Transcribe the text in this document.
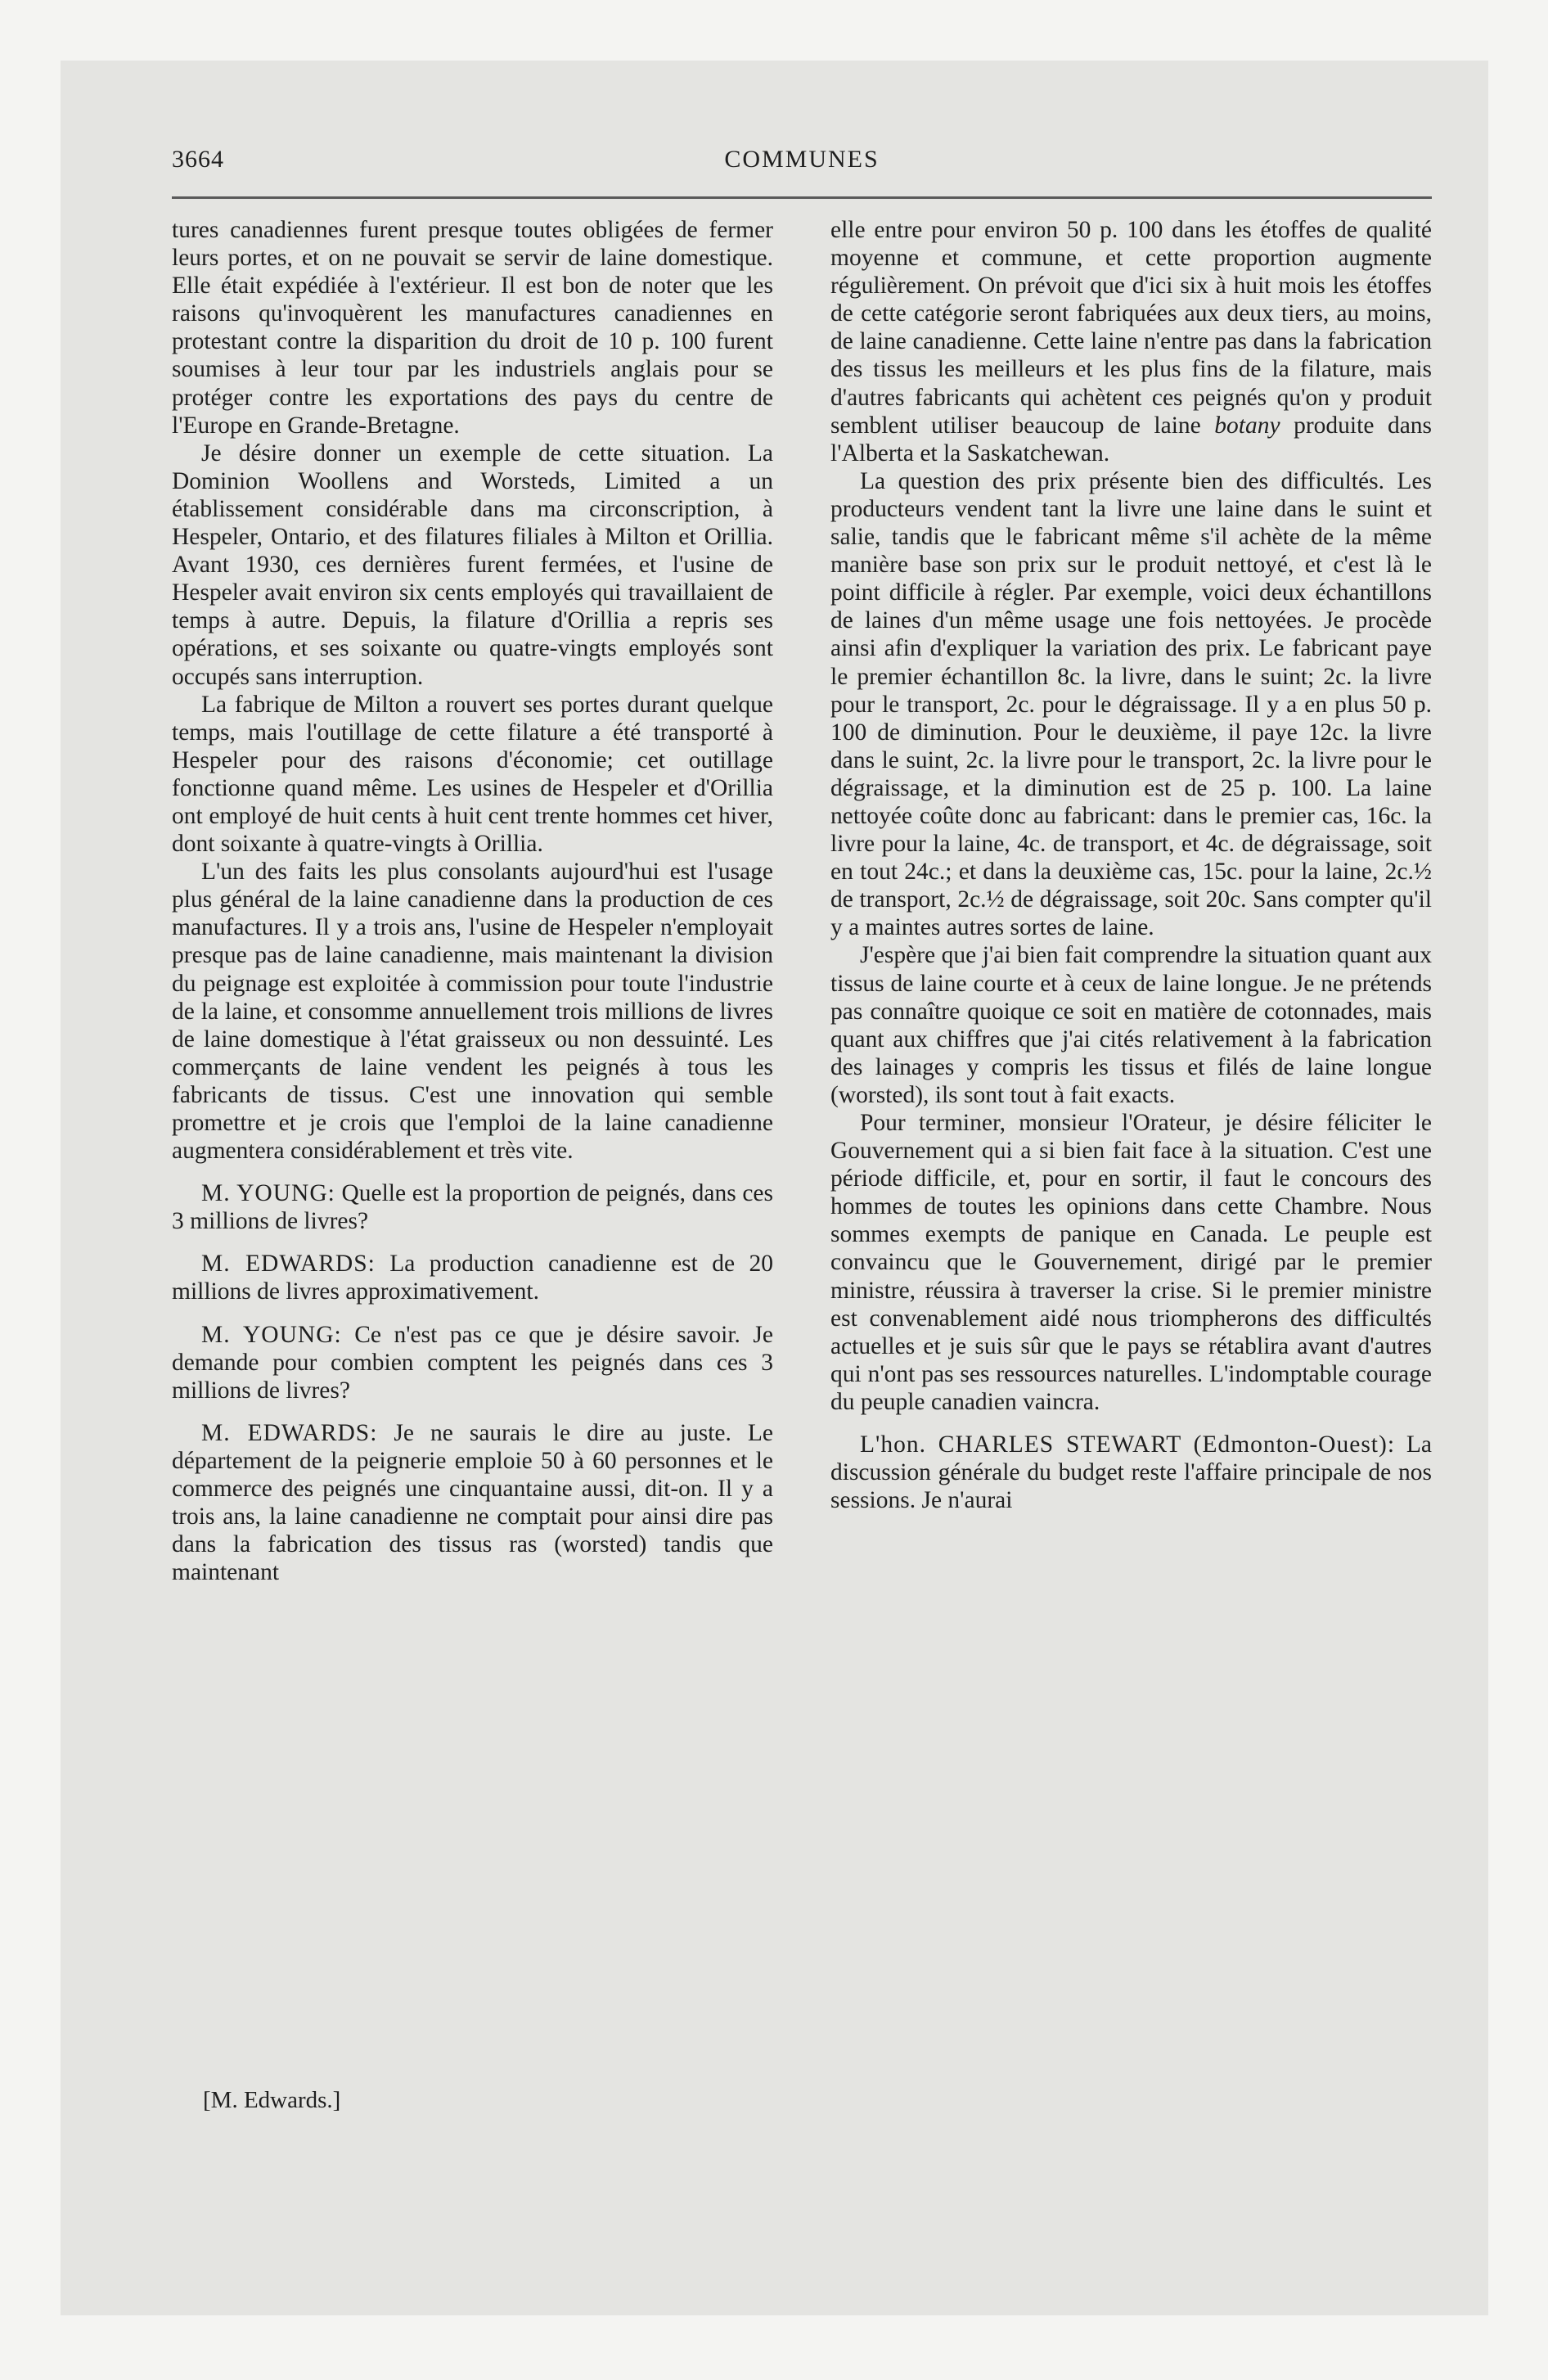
3664	COMMUNES

tures canadiennes furent presque toutes obligées de fermer leurs portes, et on ne pouvait se servir de laine domestique. Elle était expédiée à l'extérieur. Il est bon de noter que les raisons qu'invoquèrent les manufactures canadiennes en protestant contre la disparition du droit de 10 p. 100 furent soumises à leur tour par les industriels anglais pour se protéger contre les exportations des pays du centre de l'Europe en Grande-Bretagne.

Je désire donner un exemple de cette situation. La Dominion Woollens and Worsteds, Limited a un établissement considérable dans ma circonscription, à Hespeler, Ontario, et des filatures filiales à Milton et Orillia. Avant 1930, ces dernières furent fermées, et l'usine de Hespeler avait environ six cents employés qui travaillaient de temps à autre. Depuis, la filature d'Orillia a repris ses opérations, et ses soixante ou quatre-vingts employés sont occupés sans interruption.

La fabrique de Milton a rouvert ses portes durant quelque temps, mais l'outillage de cette filature a été transporté à Hespeler pour des raisons d'économie; cet outillage fonctionne quand même. Les usines de Hespeler et d'Orillia ont employé de huit cents à huit cent trente hommes cet hiver, dont soixante à quatre-vingts à Orillia.

L'un des faits les plus consolants aujourd'hui est l'usage plus général de la laine canadienne dans la production de ces manufactures. Il y a trois ans, l'usine de Hespeler n'employait presque pas de laine canadienne, mais maintenant la division du peignage est exploitée à commission pour toute l'industrie de la laine, et consomme annuellement trois millions de livres de laine domestique à l'état graisseux ou non dessuinté. Les commerçants de laine vendent les peignés à tous les fabricants de tissus. C'est une innovation qui semble promettre et je crois que l'emploi de la laine canadienne augmentera considérablement et très vite.

M. YOUNG: Quelle est la proportion de peignés, dans ces 3 millions de livres?

M. EDWARDS: La production canadienne est de 20 millions de livres approximativement.

M. YOUNG: Ce n'est pas ce que je désire savoir. Je demande pour combien comptent les peignés dans ces 3 millions de livres?

M. EDWARDS: Je ne saurais le dire au juste. Le département de la peignerie emploie 50 à 60 personnes et le commerce des peignés une cinquantaine aussi, dit-on. Il y a trois ans, la laine canadienne ne comptait pour ainsi dire pas dans la fabrication des tissus ras (worsted) tandis que maintenant

[M. Edwards.]

elle entre pour environ 50 p. 100 dans les étoffes de qualité moyenne et commune, et cette proportion augmente régulièrement. On prévoit que d'ici six à huit mois les étoffes de cette catégorie seront fabriquées aux deux tiers, au moins, de laine canadienne. Cette laine n'entre pas dans la fabrication des tissus les meilleurs et les plus fins de la filature, mais d'autres fabricants qui achètent ces peignés qu'on y produit semblent utiliser beaucoup de laine botany produite dans l'Alberta et la Saskatchewan.

La question des prix présente bien des difficultés. Les producteurs vendent tant la livre une laine dans le suint et salie, tandis que le fabricant même s'il achète de la même manière base son prix sur le produit nettoyé, et c'est là le point difficile à régler. Par exemple, voici deux échantillons de laines d'un même usage une fois nettoyées. Je procède ainsi afin d'expliquer la variation des prix. Le fabricant paye le premier échantillon 8c. la livre, dans le suint; 2c. la livre pour le transport, 2c. pour le dégraissage. Il y a en plus 50 p. 100 de diminution. Pour le deuxième, il paye 12c. la livre dans le suint, 2c. la livre pour le transport, 2c. la livre pour le dégraissage, et la diminution est de 25 p. 100. La laine nettoyée coûte donc au fabricant: dans le premier cas, 16c. la livre pour la laine, 4c. de transport, et 4c. de dégraissage, soit en tout 24c.; et dans la deuxième cas, 15c. pour la laine, 2c.½ de transport, 2c.½ de dégraissage, soit 20c. Sans compter qu'il y a maintes autres sortes de laine.

J'espère que j'ai bien fait comprendre la situation quant aux tissus de laine courte et à ceux de laine longue. Je ne prétends pas connaître quoique ce soit en matière de cotonnades, mais quant aux chiffres que j'ai cités relativement à la fabrication des lainages y compris les tissus et filés de laine longue (worsted), ils sont tout à fait exacts.

Pour terminer, monsieur l'Orateur, je désire féliciter le Gouvernement qui a si bien fait face à la situation. C'est une période difficile, et, pour en sortir, il faut le concours des hommes de toutes les opinions dans cette Chambre. Nous sommes exempts de panique en Canada. Le peuple est convaincu que le Gouvernement, dirigé par le premier ministre, réussira à traverser la crise. Si le premier ministre est convenablement aidé nous triompherons des difficultés actuelles et je suis sûr que le pays se rétablira avant d'autres qui n'ont pas ses ressources naturelles. L'indomptable courage du peuple canadien vaincra.

L'hon. CHARLES STEWART (Edmonton-Ouest): La discussion générale du budget reste l'affaire principale de nos sessions. Je n'aurai
